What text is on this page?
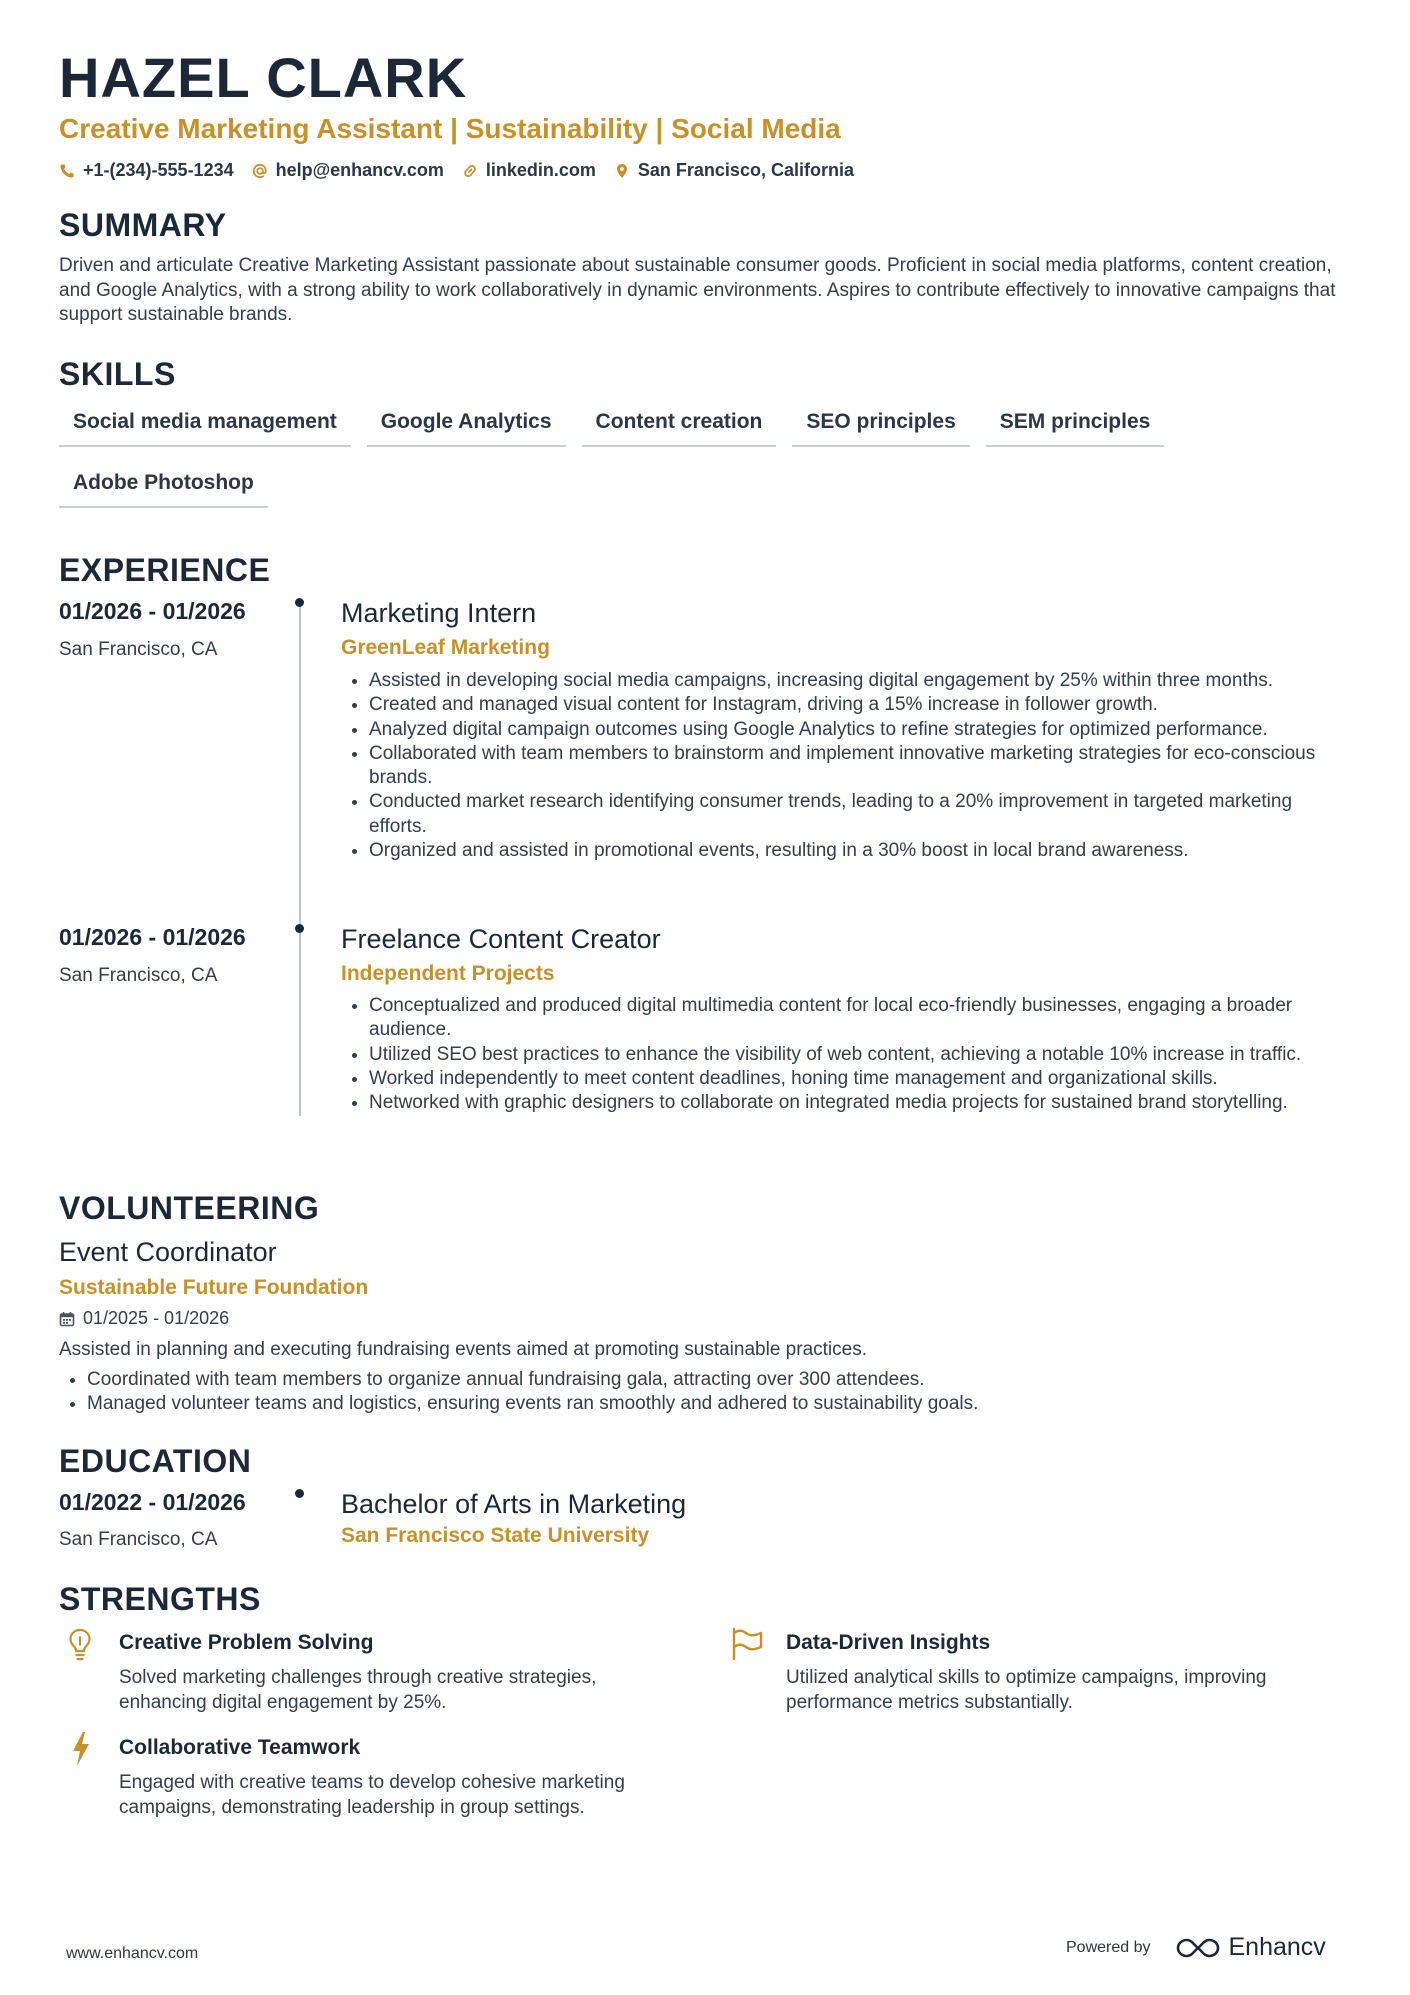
HAZEL CLARK
Creative Marketing Assistant | Sustainability | Social Media
+1-(234)-555-1234 help@enhancv.com linkedin.com San Francisco, California
SUMMARY

Driven and articulate Creative Marketing Assistant passionate about sustainable consumer goods. Proficient in social media platforms, content creation, and Google Analytics, with a strong ability to work collaboratively in dynamic environments. Aspires to contribute effectively to innovative campaigns that support sustainable brands.

SKILLS
Social media management	Google Analytics	Content creation	SEO principles	SEM principles
Adobe Photoshop
EXPERIENCE
01/2026 - 01/2026
San Francisco, CA
Marketing Intern
GreenLeaf Marketing
• Assisted in developing social media campaigns, increasing digital engagement by 25% within three months.
• Created and managed visual content for Instagram, driving a 15% increase in follower growth.
• Analyzed digital campaign outcomes using Google Analytics to refine strategies for optimized performance.
• Collaborated with team members to brainstorm and implement innovative marketing strategies for eco-conscious brands.
• Conducted market research identifying consumer trends, leading to a 20% improvement in targeted marketing efforts.
• Organized and assisted in promotional events, resulting in a 30% boost in local brand awareness.
01/2026 - 01/2026
San Francisco, CA
Freelance Content Creator
Independent Projects
• Conceptualized and produced digital multimedia content for local eco-friendly businesses, engaging a broader audience.
• Utilized SEO best practices to enhance the visibility of web content, achieving a notable 10% increase in traffic.
• Worked independently to meet content deadlines, honing time management and organizational skills.
• Networked with graphic designers to collaborate on integrated media projects for sustained brand storytelling.
VOLUNTEERING
Event Coordinator
Sustainable Future Foundation
01/2025 - 01/2026
Assisted in planning and executing fundraising events aimed at promoting sustainable practices.
• Coordinated with team members to organize annual fundraising gala, attracting over 300 attendees.
• Managed volunteer teams and logistics, ensuring events ran smoothly and adhered to sustainability goals.
EDUCATION
01/2022 - 01/2026
San Francisco, CA
Bachelor of Arts in Marketing
San Francisco State University
STRENGTHS
Creative Problem Solving
Solved marketing challenges through creative strategies, enhancing digital engagement by 25%.
Data-Driven Insights
Utilized analytical skills to optimize campaigns, improving performance metrics substantially.
Collaborative Teamwork
Engaged with creative teams to develop cohesive marketing campaigns, demonstrating leadership in group settings.
www.enhancv.com	Powered by	Enhancv
